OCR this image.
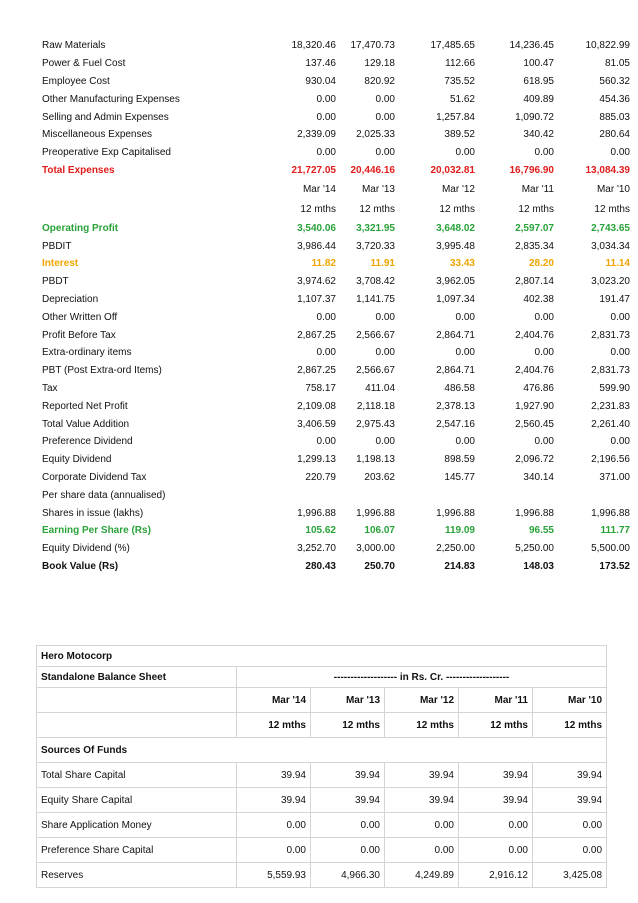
Raw Materials	18,320.46	17,470.73	17,485.65	14,236.45	10,822.99
Power & Fuel Cost	137.46	129.18	112.66	100.47	81.05
Employee Cost	930.04	820.92	735.52	618.95	560.32
Other Manufacturing Expenses	0.00	0.00	51.62	409.89	454.36
Selling and Admin Expenses	0.00	0.00	1,257.84	1,090.72	885.03
Miscellaneous Expenses	2,339.09	2,025.33	389.52	340.42	280.64
Preoperative Exp Capitalised	0.00	0.00	0.00	0.00	0.00
Total Expenses	21,727.05	20,446.16	20,032.81	16,796.90	13,084.39
	Mar '14	Mar '13	Mar '12	Mar '11	Mar '10
	12 mths	12 mths	12 mths	12 mths	12 mths
Operating Profit	3,540.06	3,321.95	3,648.02	2,597.07	2,743.65
PBDIT	3,986.44	3,720.33	3,995.48	2,835.34	3,034.34
Interest	11.82	11.91	33.43	28.20	11.14
PBDT	3,974.62	3,708.42	3,962.05	2,807.14	3,023.20
Depreciation	1,107.37	1,141.75	1,097.34	402.38	191.47
Other Written Off	0.00	0.00	0.00	0.00	0.00
Profit Before Tax	2,867.25	2,566.67	2,864.71	2,404.76	2,831.73
Extra-ordinary items	0.00	0.00	0.00	0.00	0.00
PBT (Post Extra-ord Items)	2,867.25	2,566.67	2,864.71	2,404.76	2,831.73
Tax	758.17	411.04	486.58	476.86	599.90
Reported Net Profit	2,109.08	2,118.18	2,378.13	1,927.90	2,231.83
Total Value Addition	3,406.59	2,975.43	2,547.16	2,560.45	2,261.40
Preference Dividend	0.00	0.00	0.00	0.00	0.00
Equity Dividend	1,299.13	1,198.13	898.59	2,096.72	2,196.56
Corporate Dividend Tax	220.79	203.62	145.77	340.14	371.00
Per share data (annualised)					
Shares in issue (lakhs)	1,996.88	1,996.88	1,996.88	1,996.88	1,996.88
Earning Per Share (Rs)	105.62	106.07	119.09	96.55	111.77
Equity Dividend (%)	3,252.70	3,000.00	2,250.00	5,250.00	5,500.00
Book Value (Rs)	280.43	250.70	214.83	148.03	173.52
Hero Motocorp					
Standalone Balance Sheet	------------------- in Rs. Cr. -------------------				
	Mar '14	Mar '13	Mar '12	Mar '11	Mar '10
	12 mths	12 mths	12 mths	12 mths	12 mths
Sources Of Funds					
Total Share Capital	39.94	39.94	39.94	39.94	39.94
Equity Share Capital	39.94	39.94	39.94	39.94	39.94
Share Application Money	0.00	0.00	0.00	0.00	0.00
Preference Share Capital	0.00	0.00	0.00	0.00	0.00
Reserves	5,559.93	4,966.30	4,249.89	2,916.12	3,425.08
